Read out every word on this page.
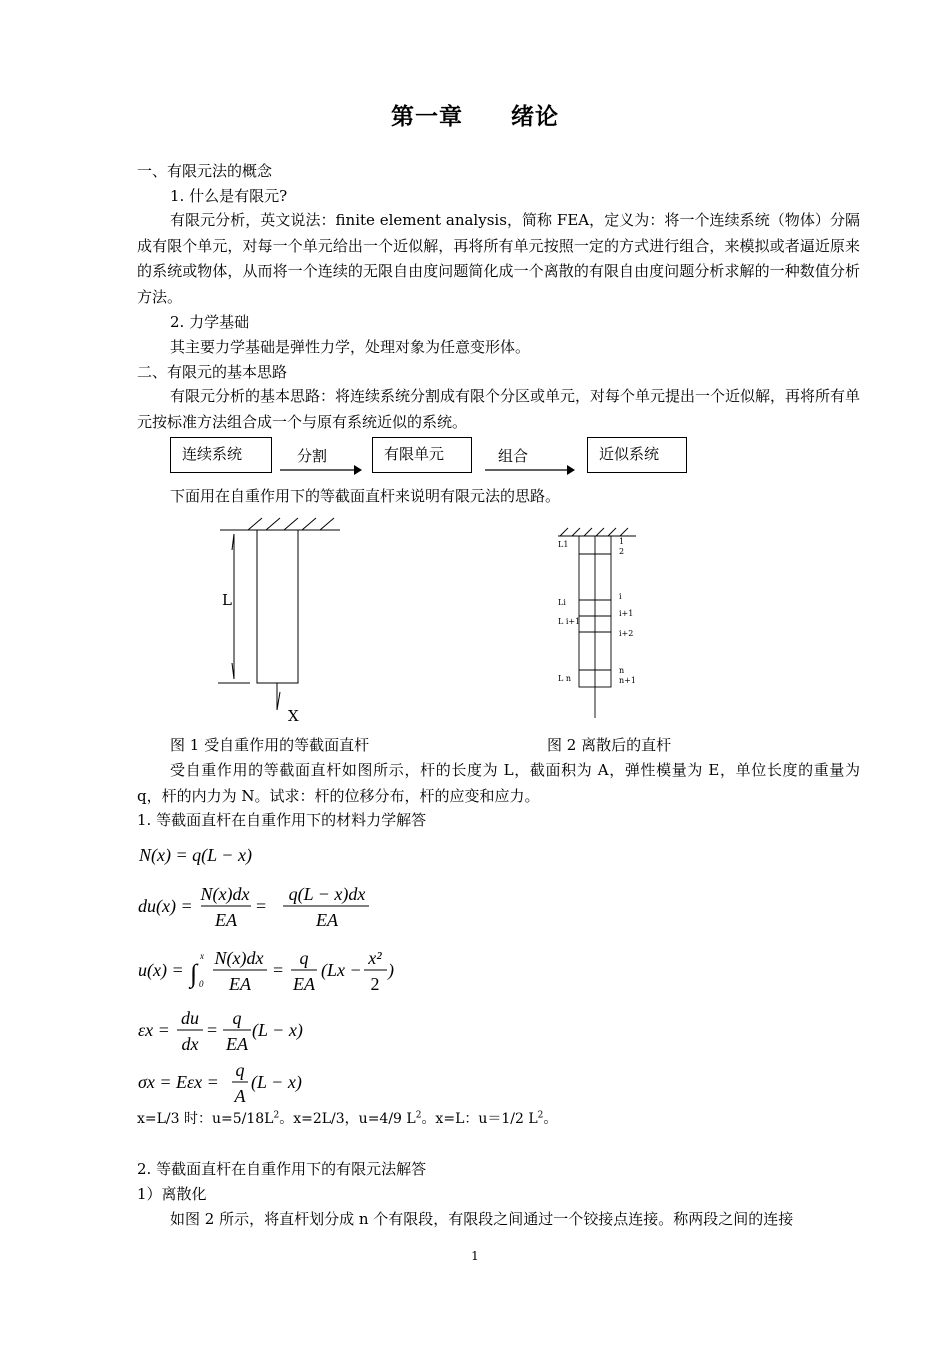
第一章 绪论
一、有限元法的概念
1. 什么是有限元?
有限元分析，英文说法：finite element analysis，简称 FEA，定义为：将一个连续系统（物体）分隔成有限个单元，对每一个单元给出一个近似解，再将所有单元按照一定的方式进行组合，来模拟或者逼近原来的系统或物体，从而将一个连续的无限自由度问题简化成一个离散的有限自由度问题分析求解的一种数值分析方法。
2. 力学基础
其主要力学基础是弹性力学，处理对象为任意变形体。
二、有限元的基本思路
有限元分析的基本思路：将连续系统分割成有限个分区或单元，对每个单元提出一个近似解，再将所有单元按标准方法组合成一个与原有系统近似的系统。
连续系统	分割	有限单元	组合	近似系统
下面用在自重作用下的等截面直杆来说明有限元法的思路。
L
X
L1
Li
L i+1
L n
1
2
i
i+1
i+2
n
n+1
图 1 受自重作用的等截面直杆	图 2 离散后的直杆
受自重作用的等截面直杆如图所示，杆的长度为 L，截面积为 A，弹性模量为 E，单位长度的重量为 q，杆的内力为 N。试求：杆的位移分布，杆的应变和应力。
1. 等截面直杆在自重作用下的材料力学解答
N(x) = q(L − x)
du(x) =
N(x)dx
EA
=
q(L − x)dx
EA
u(x) = ∫
x
0
N(x)dx
EA
=
q
EA
(Lx −
x²
2
)
εx =
du
dx
=
q
EA
(L − x)
σx = Eεx =
q
A
(L − x)
x=L/3 时：$u=5/18L^2$。x=2L/3，u=4/9 $L^2$。x=L：u＝1/2 $L^2$。
2. 等截面直杆在自重作用下的有限元法解答
1）离散化
如图 2 所示，将直杆划分成 n 个有限段，有限段之间通过一个铰接点连接。称两段之间的连接
1
